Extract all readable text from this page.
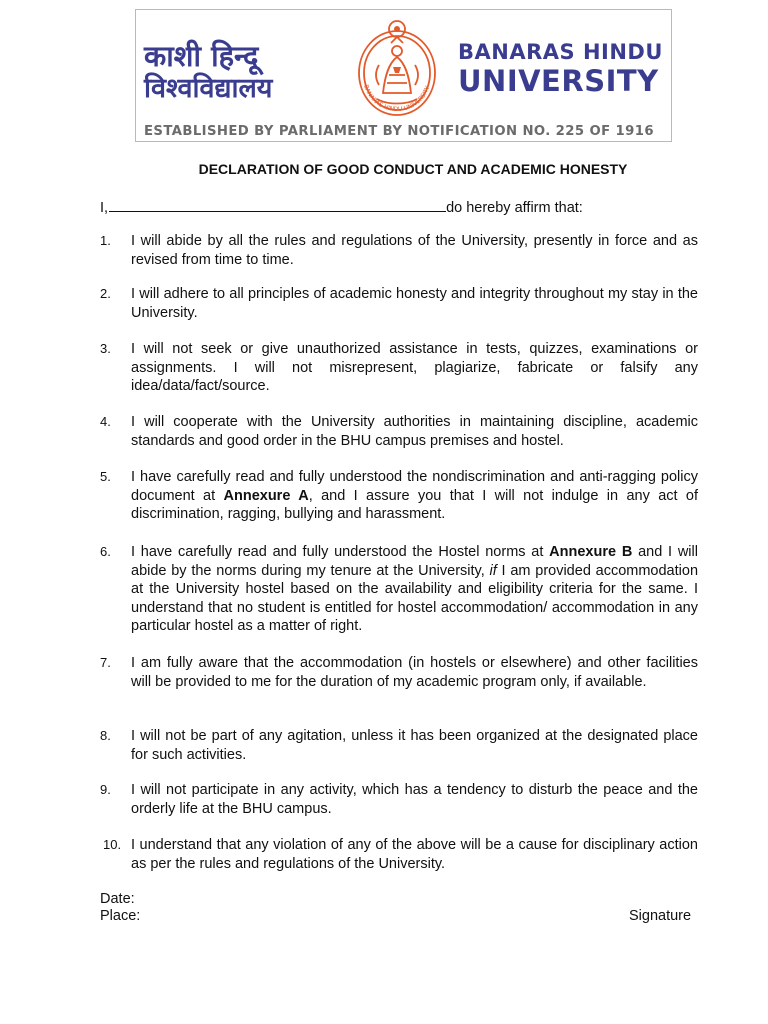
काशी हिन्दू
विश्वविद्यालय	BANARAS HINDU UNIVERSITY
BANARAS HINDU
UNIVERSITY
ESTABLISHED BY PARLIAMENT BY NOTIFICATION NO. 225 OF 1916
DECLARATION OF GOOD CONDUCT AND ACADEMIC HONESTY
I,	do hereby affirm that:
1.	I will abide by all the rules and regulations of the University, presently in force and as revised from time to time.
2.	I will adhere to all principles of academic honesty and integrity throughout my stay in the University.
3.	I will not seek or give unauthorized assistance in tests, quizzes, examinations or assignments. I will not misrepresent, plagiarize, fabricate or falsify any idea/data/fact/source.
4.	I will cooperate with the University authorities in maintaining discipline, academic standards and good order in the BHU campus premises and hostel.
5.	I have carefully read and fully understood the nondiscrimination and anti-ragging policy document at Annexure A, and I assure you that I will not indulge in any act of discrimination, ragging, bullying and harassment.
6.	I have carefully read and fully understood the Hostel norms at Annexure B and I will abide by the norms during my tenure at the University, if I am provided accommodation at the University hostel based on the availability and eligibility criteria for the same. I understand that no student is entitled for hostel accommodation/ accommodation in any particular hostel as a matter of right.
7.	I am fully aware that the accommodation (in hostels or elsewhere) and other facilities will be provided to me for the duration of my academic program only, if available.
8.	I will not be part of any agitation, unless it has been organized at the designated place for such activities.
9.	I will not participate in any activity, which has a tendency to disturb the peace and the orderly life at the BHU campus.
10. I understand that any violation of any of the above will be a cause for disciplinary action as per the rules and regulations of the University.
Date:
Place:	Signature
